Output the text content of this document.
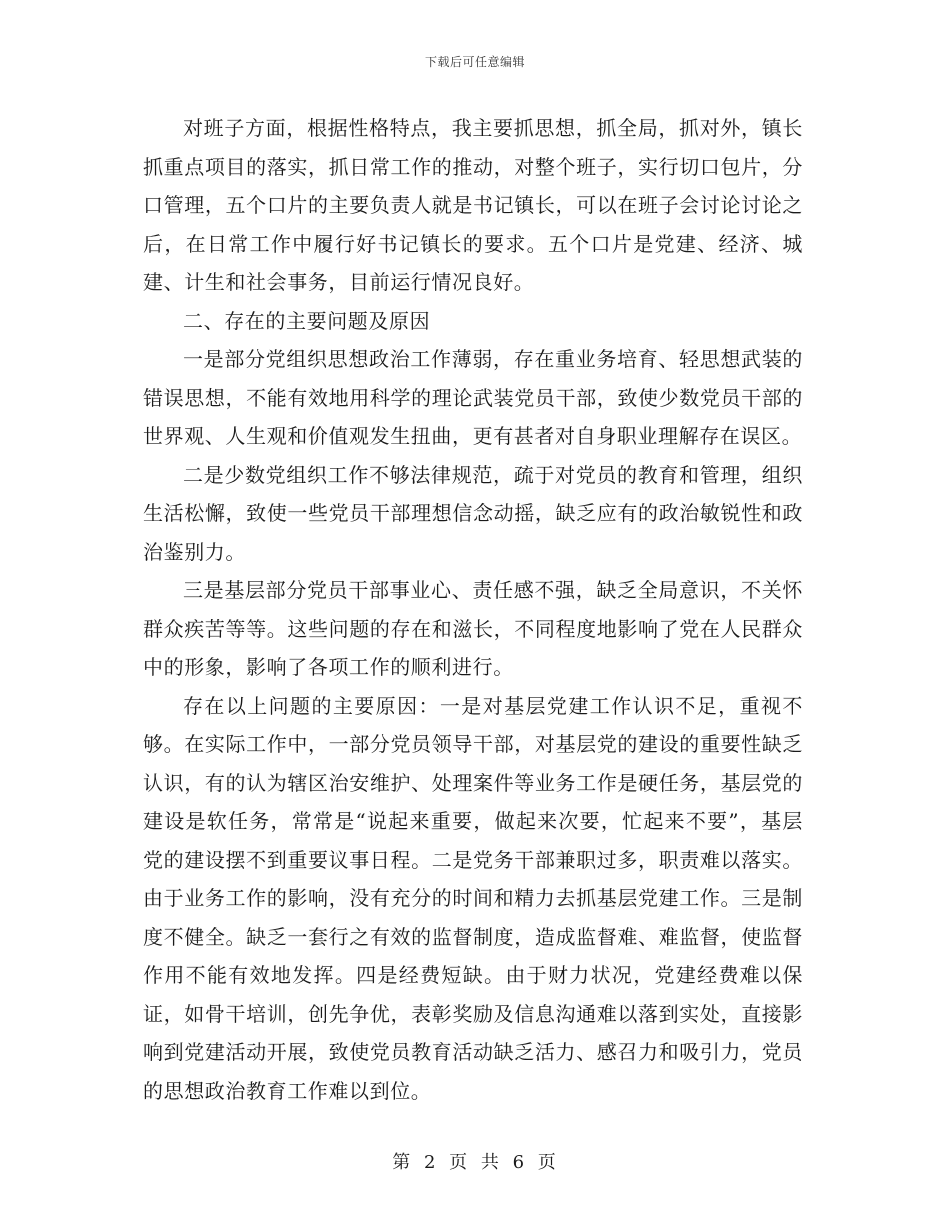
下载后可任意编辑

对班子方面，根据性格特点，我主要抓思想，抓全局，抓对外，镇长抓重点项目的落实，抓日常工作的推动，对整个班子，实行切口包片，分口管理，五个口片的主要负责人就是书记镇长，可以在班子会讨论讨论之后，在日常工作中履行好书记镇长的要求。五个口片是党建、经济、城建、计生和社会事务，目前运行情况良好。

二、存在的主要问题及原因

一是部分党组织思想政治工作薄弱，存在重业务培育、轻思想武装的错误思想，不能有效地用科学的理论武装党员干部，致使少数党员干部的世界观、人生观和价值观发生扭曲，更有甚者对自身职业理解存在误区。

二是少数党组织工作不够法律规范，疏于对党员的教育和管理，组织生活松懈，致使一些党员干部理想信念动摇，缺乏应有的政治敏锐性和政治鉴别力。

三是基层部分党员干部事业心、责任感不强，缺乏全局意识，不关怀群众疾苦等等。这些问题的存在和滋长，不同程度地影响了党在人民群众中的形象，影响了各项工作的顺利进行。

存在以上问题的主要原因：一是对基层党建工作认识不足，重视不够。在实际工作中，一部分党员领导干部，对基层党的建设的重要性缺乏认识，有的认为辖区治安维护、处理案件等业务工作是硬任务，基层党的建设是软任务，常常是“说起来重要，做起来次要，忙起来不要”，基层党的建设摆不到重要议事日程。二是党务干部兼职过多，职责难以落实。由于业务工作的影响，没有充分的时间和精力去抓基层党建工作。三是制度不健全。缺乏一套行之有效的监督制度，造成监督难、难监督，使监督作用不能有效地发挥。四是经费短缺。由于财力状况，党建经费难以保证，如骨干培训，创先争优，表彰奖励及信息沟通难以落到实处，直接影响到党建活动开展，致使党员教育活动缺乏活力、感召力和吸引力，党员的思想政治教育工作难以到位。

第 2 页 共 6 页
